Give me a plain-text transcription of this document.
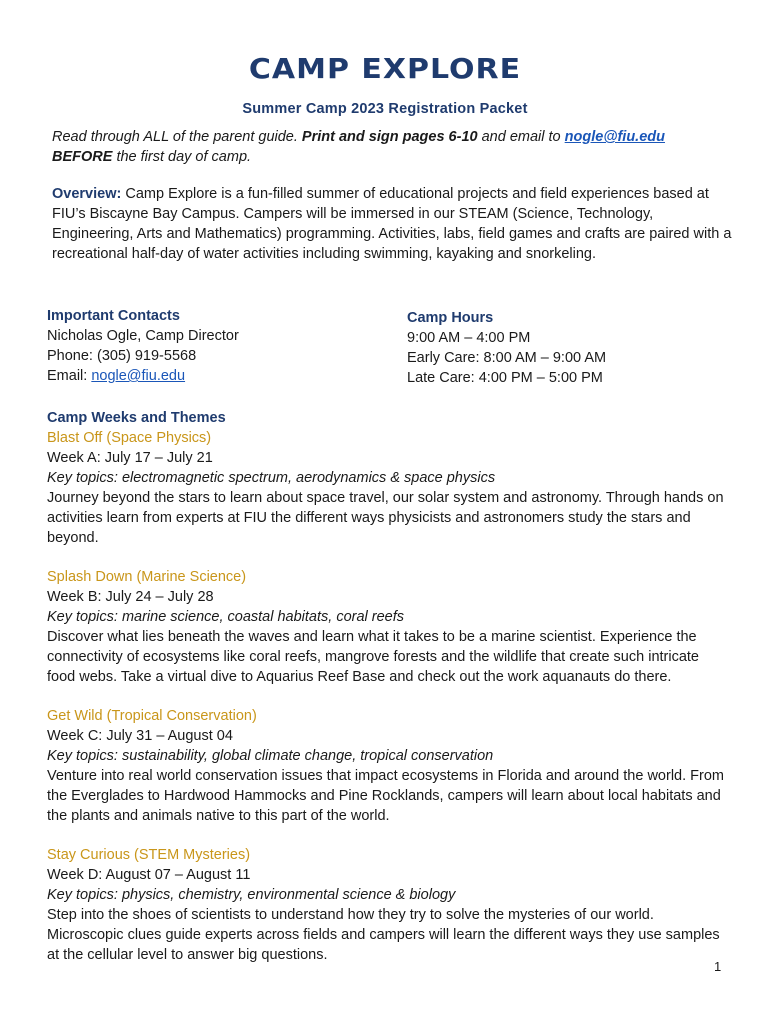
CAMP EXPLORE
Summer Camp 2023 Registration Packet
Read through ALL of the parent guide. Print and sign pages 6-10 and email to nogle@fiu.edu
BEFORE the first day of camp.
Overview: Camp Explore is a fun-filled summer of educational projects and field experiences based at FIU’s Biscayne Bay Campus. Campers will be immersed in our STEAM (Science, Technology, Engineering, Arts and Mathematics) programming. Activities, labs, field games and crafts are paired with a recreational half-day of water activities including swimming, kayaking and snorkeling.
Important Contacts
Nicholas Ogle, Camp Director
Phone: (305) 919-5568
Email: nogle@fiu.edu
Camp Hours
9:00 AM – 4:00 PM
Early Care: 8:00 AM – 9:00 AM
Late Care: 4:00 PM – 5:00 PM
Camp Weeks and Themes
Blast Off (Space Physics)
Week A: July 17 – July 21
Key topics: electromagnetic spectrum, aerodynamics & space physics
Journey beyond the stars to learn about space travel, our solar system and astronomy. Through hands on activities learn from experts at FIU the different ways physicists and astronomers study the stars and beyond.
Splash Down (Marine Science)
Week B: July 24 – July 28
Key topics: marine science, coastal habitats, coral reefs
Discover what lies beneath the waves and learn what it takes to be a marine scientist. Experience the connectivity of ecosystems like coral reefs, mangrove forests and the wildlife that create such intricate food webs. Take a virtual dive to Aquarius Reef Base and check out the work aquanauts do there.
Get Wild (Tropical Conservation)
Week C: July 31 – August 04
Key topics: sustainability, global climate change, tropical conservation
Venture into real world conservation issues that impact ecosystems in Florida and around the world. From the Everglades to Hardwood Hammocks and Pine Rocklands, campers will learn about local habitats and the plants and animals native to this part of the world.
Stay Curious (STEM Mysteries)
Week D: August 07 – August 11
Key topics: physics, chemistry, environmental science & biology
Step into the shoes of scientists to understand how they try to solve the mysteries of our world. Microscopic clues guide experts across fields and campers will learn the different ways they use samples at the cellular level to answer big questions.
1
